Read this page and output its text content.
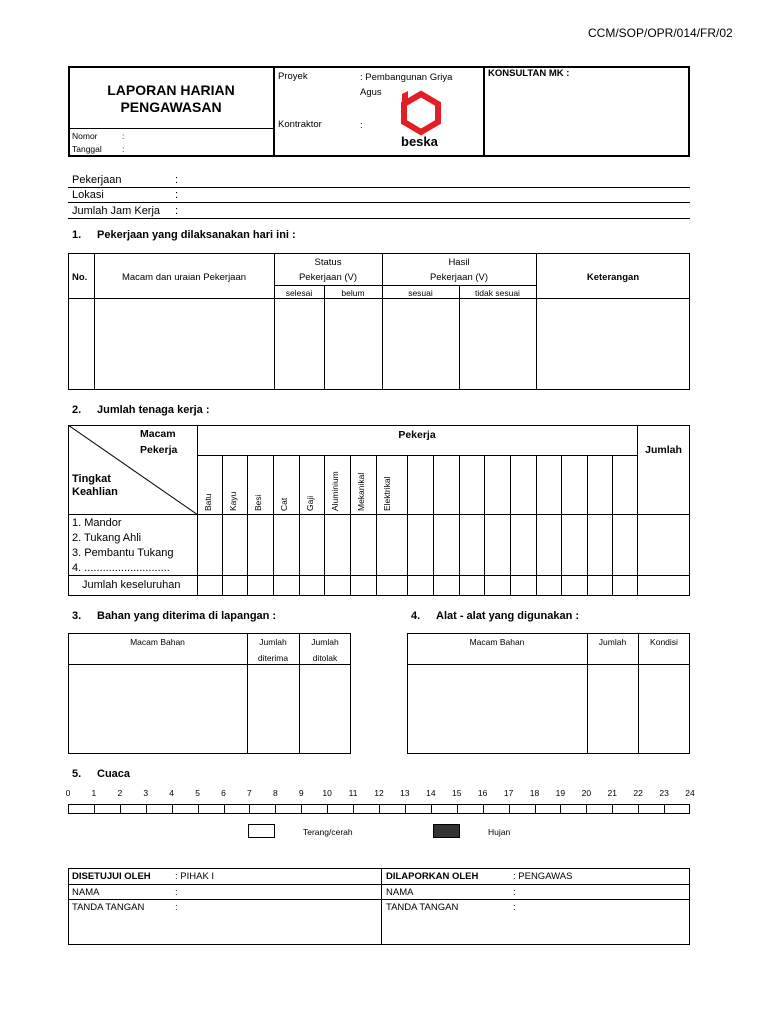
CCM/SOP/OPR/014/FR/02
LAPORAN HARIAN
PENGAWASAN
Nomor	:
Tanggal :
Proyek	: Pembangunan Griya
Agus
Kontraktor	:
beska
KONSULTAN MK :
Pekerjaan	:
Lokasi	:
Jumlah Jam Kerja :
1. Pekerjaan yang dilaksanakan hari ini :
No.	Macam dan uraian Pekerjaan
Status
Pekerjaan (V)
selesai	belum
Hasil
Pekerjaan (V)
sesuai	tidak sesuai
Keterangan
2. Jumlah tenaga kerja :
Macam
Pekerja
Tingkat
Keahlian
Pekerja
Jumlah
Batu Kayu Besi Cat Gaji Aluminium Mekanikal Elektrikal
1. Mandor
2. Tukang Ahli
3. Pembantu Tukang
4. ............................
Jumlah keseluruhan
3. Bahan yang diterima di lapangan :
Macam Bahan	Jumlah
diterima
Jumlah
ditolak
4. Alat - alat yang digunakan :
Macam Bahan	Jumlah	Kondisi
5. Cuaca
0	1	2	3	4	5	6	7	8	9	10	11	12	13	14	15	16	17	18	19	20	21	22	23	24
Terang/cerah	Hujan
DISETUJUI OLEH	: PIHAK I
NAMA	:
TANDA TANGAN	:
DILAPORKAN OLEH	: PENGAWAS
NAMA	:
TANDA TANGAN	:
